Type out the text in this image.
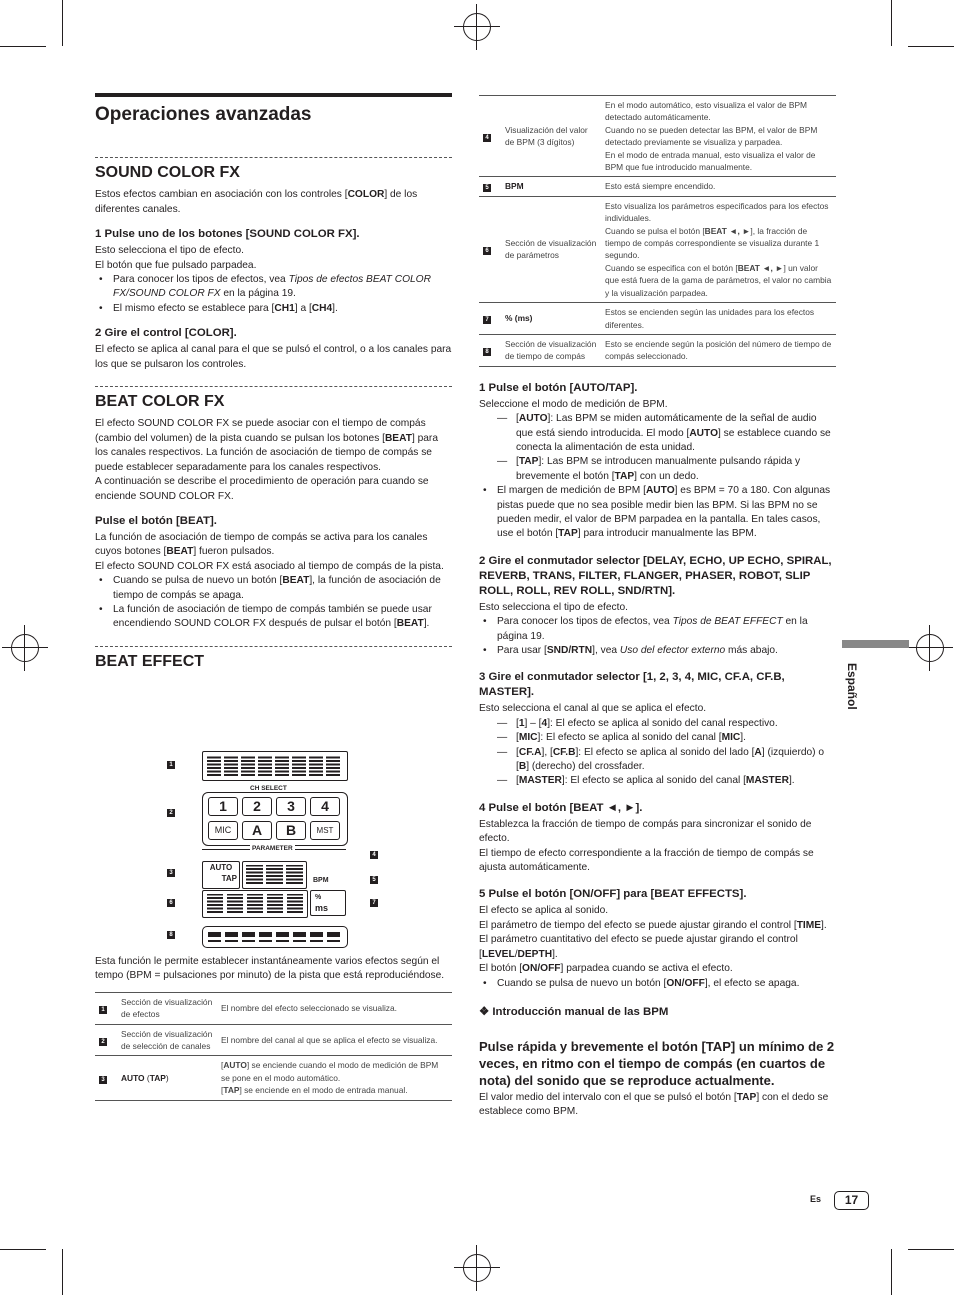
Español
Es	17
Operaciones avanzadas
SOUND COLOR FX

Estos efectos cambian en asociación con los controles [COLOR] de los diferentes canales.

1 Pulse uno de los botones [SOUND COLOR FX].

Esto selecciona el tipo de efecto.

El botón que fue pulsado parpadea.

• Para conocer los tipos de efectos, vea Tipos de efectos BEAT COLOR FX/SOUND COLOR FX en la página 19.

• El mismo efecto se establece para [CH1] a [CH4].

2 Gire el control [COLOR].

El efecto se aplica al canal para el que se pulsó el control, o a los canales para los que se pulsaron los controles.

BEAT COLOR FX

El efecto SOUND COLOR FX se puede asociar con el tiempo de compás (cambio del volumen) de la pista cuando se pulsan los botones [BEAT] para los canales respectivos. La función de asociación de tiempo de compás se puede establecer separadamente para los canales respectivos.

A continuación se describe el procedimiento de operación para cuando se enciende SOUND COLOR FX.

Pulse el botón [BEAT].

La función de asociación de tiempo de compás se activa para los canales cuyos botones [BEAT] fueron pulsados.

El efecto SOUND COLOR FX está asociado al tiempo de compás de la pista.

• Cuando se pulsa de nuevo un botón [BEAT], la función de asociación de tiempo de compás se apaga.

• La función de asociación de tiempo de compás también se puede usar encendiendo SOUND COLOR FX después de pulsar el botón [BEAT].

BEAT EFFECT
1
CH SELECT
2	1	2	3	4
MIC	A	B	MST
PARAMETER
4
3
AUTO
TAP	BPM	5
6
%
ms	7
8

Esta función le permite establecer instantáneamente varios efectos según el tempo (BPM = pulsaciones por minuto) de la pista que está reproduciéndose.

1	Sección de visualización de efectos	El nombre del efecto seleccionado se visualiza.
2	Sección de visualización de selección de canales	El nombre del canal al que se aplica el efecto se visualiza.
3	AUTO (TAP)	[AUTO] se enciende cuando el modo de medición de BPM se pone en el modo automático.
[TAP] se enciende en el modo de entrada manual.
4	Visualización del valor de BPM (3 dígitos)	En el modo automático, esto visualiza el valor de BPM detectado automáticamente.
Cuando no se pueden detectar las BPM, el valor de BPM detectado previamente se visualiza y parpadea.
En el modo de entrada manual, esto visualiza el valor de BPM que fue introducido manualmente.
5	BPM	Esto está siempre encendido.
6	Sección de visualización de parámetros	Esto visualiza los parámetros especificados para los efectos individuales.
Cuando se pulsa el botón [BEAT ◄, ►], la fracción de tiempo de compás correspondiente se visualiza durante 1 segundo.
Cuando se especifica con el botón [BEAT ◄, ►] un valor que está fuera de la gama de parámetros, el valor no cambia y la visualización parpadea.

7	% (ms)	Estos se encienden según las unidades para los efectos diferentes.
8	Sección de visualización de tiempo de compás	Esto se enciende según la posición del número de tiempo de compás seleccionado.
1 Pulse el botón [AUTO/TAP].

Seleccione el modo de medición de BPM.

— [AUTO]: Las BPM se miden automáticamente de la señal de audio que está siendo introducida. El modo [AUTO] se establece cuando se conecta la alimentación de esta unidad.

— [TAP]: Las BPM se introducen manualmente pulsando rápida y brevemente el botón [TAP] con un dedo.

• El margen de medición de BPM [AUTO] es BPM = 70 a 180. Con algunas pistas puede que no sea posible medir bien las BPM. Si las BPM no se pueden medir, el valor de BPM parpadea en la pantalla. En tales casos, use el botón [TAP] para introducir manualmente las BPM.

2 Gire el conmutador selector [DELAY, ECHO, UP ECHO, SPIRAL, REVERB, TRANS, FILTER, FLANGER, PHASER, ROBOT, SLIP ROLL, ROLL, REV ROLL, SND/RTN].

Esto selecciona el tipo de efecto.

• Para conocer los tipos de efectos, vea Tipos de BEAT EFFECT en la página 19.

• Para usar [SND/RTN], vea Uso del efector externo más abajo.

3 Gire el conmutador selector [1, 2, 3, 4, MIC, CF.A, CF.B, MASTER].

Esto selecciona el canal al que se aplica el efecto.

— [1] – [4]: El efecto se aplica al sonido del canal respectivo.

— [MIC]: El efecto se aplica al sonido del canal [MIC].

— [CF.A], [CF.B]: El efecto se aplica al sonido del lado [A] (izquierdo) o [B] (derecho) del crossfader.

— [MASTER]: El efecto se aplica al sonido del canal [MASTER].

4 Pulse el botón [BEAT ◄, ►].

Establezca la fracción de tiempo de compás para sincronizar el sonido de efecto.

El tiempo de efecto correspondiente a la fracción de tiempo de compás se ajusta automáticamente.

5 Pulse el botón [ON/OFF] para [BEAT EFFECTS].

El efecto se aplica al sonido.

El parámetro de tiempo del efecto se puede ajustar girando el control [TIME].

El parámetro cuantitativo del efecto se puede ajustar girando el control [LEVEL/DEPTH].

El botón [ON/OFF] parpadea cuando se activa el efecto.

• Cuando se pulsa de nuevo un botón [ON/OFF], el efecto se apaga.

❖ Introducción manual de las BPM
Pulse rápida y brevemente el botón [TAP] un mínimo de 2 veces, en ritmo con el tiempo de compás (en cuartos de nota) del sonido que se reproduce actualmente.

El valor medio del intervalo con el que se pulsó el botón [TAP] con el dedo se establece como BPM.
